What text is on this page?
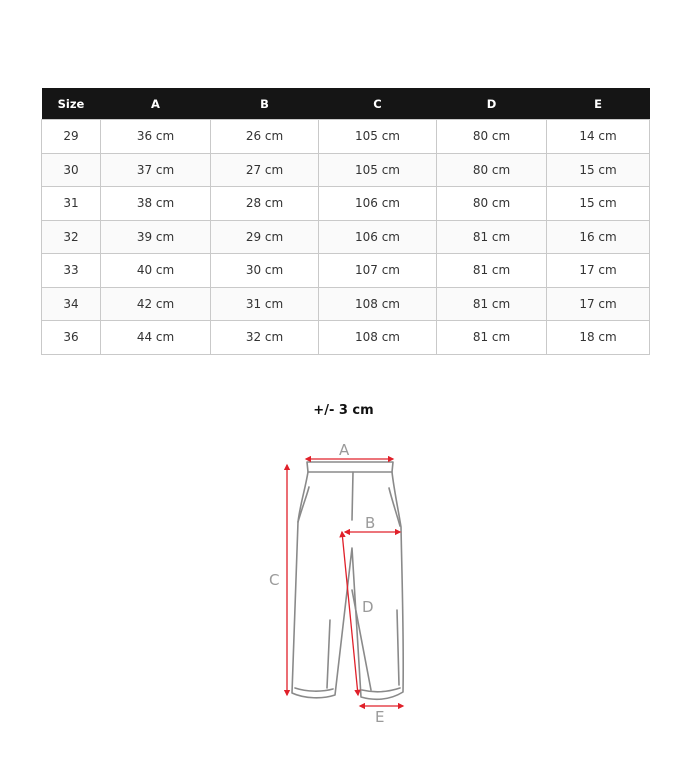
Size	A	B	C	D	E
29	36 cm	26 cm	105 cm	80 cm	14 cm
30	37 cm	27 cm	105 cm	80 cm	15 cm
31	38 cm	28 cm	106 cm	80 cm	15 cm
32	39 cm	29 cm	106 cm	81 cm	16 cm
33	40 cm	30 cm	107 cm	81 cm	17 cm
34	42 cm	31 cm	108 cm	81 cm	17 cm
36	44 cm	32 cm	108 cm	81 cm	18 cm
+/- 3 cm
A
B
C
D
E
